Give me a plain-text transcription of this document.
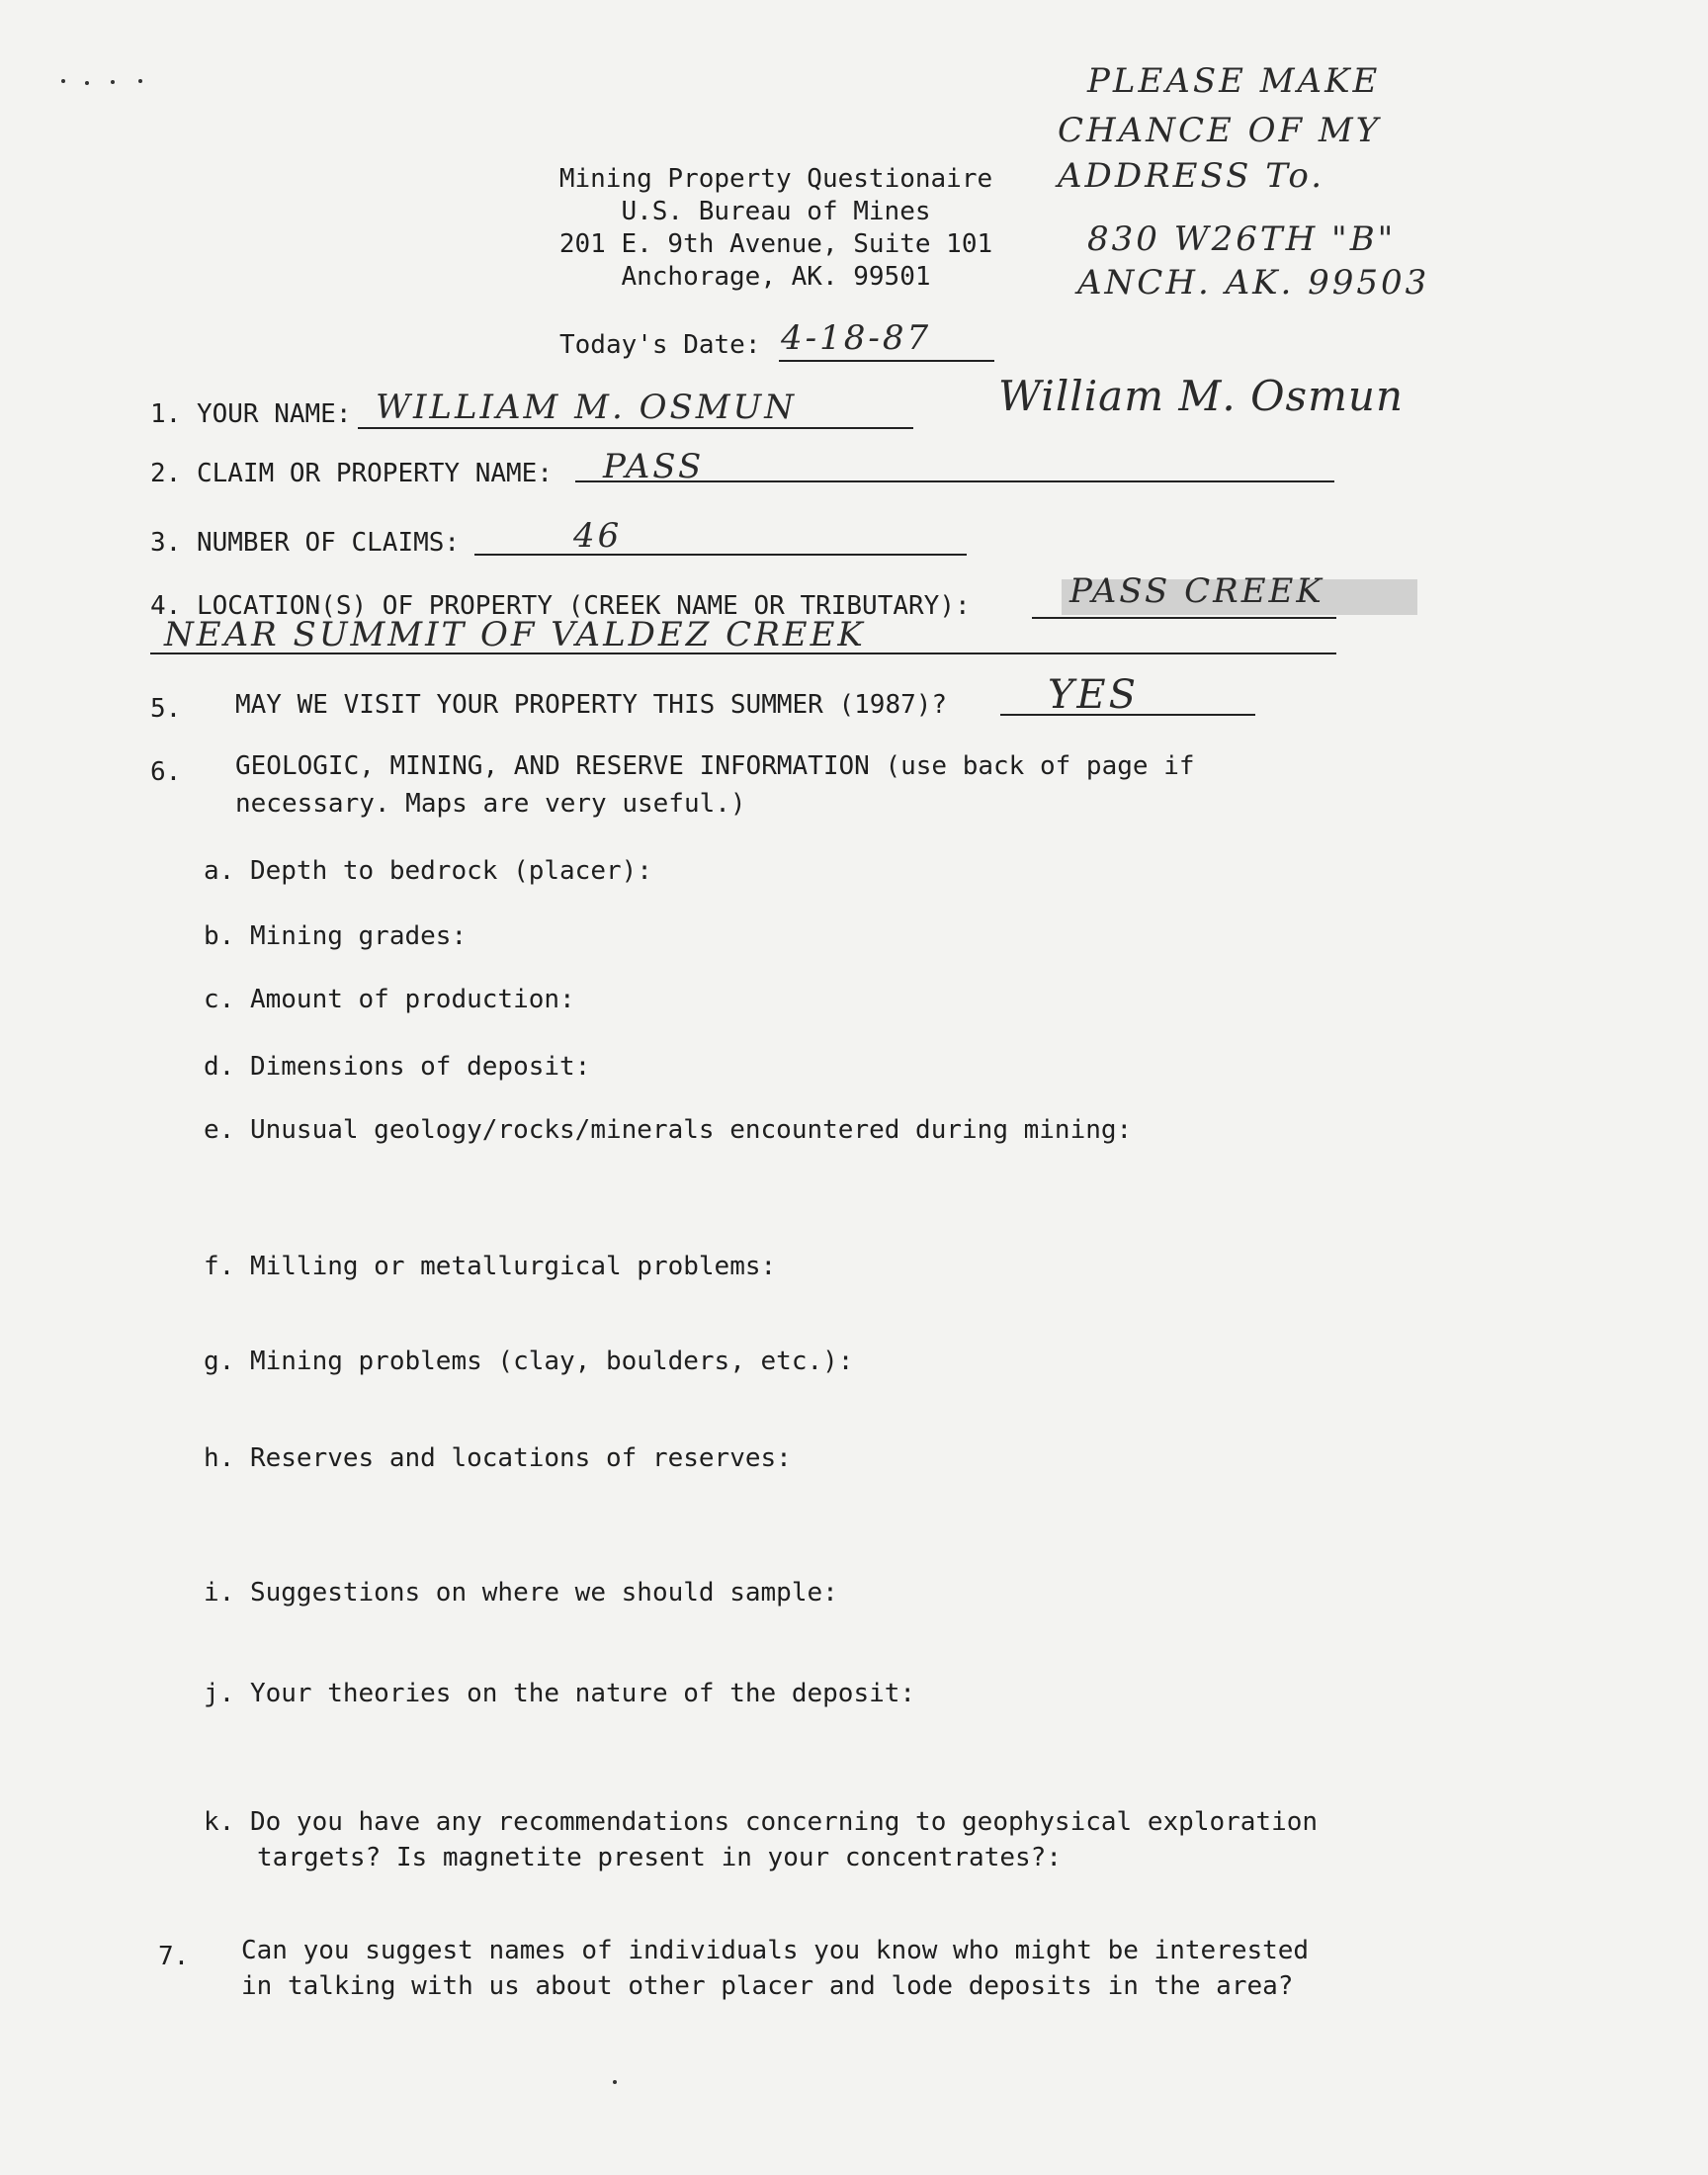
Mining Property Questionaire
U.S. Bureau of Mines
201 E. 9th Avenue, Suite 101
Anchorage, AK. 99501
PLEASE MAKE
CHANCE OF MY
ADDRESS To.
830 W26TH "B"
ANCH. AK. 99503
Today's Date: 4-18-87
1. YOUR NAME: WILLIAM M. OSMUN	William M. Osmun
2. CLAIM OR PROPERTY NAME: PASS
3. NUMBER OF CLAIMS:	46
4. LOCATION(S) OF PROPERTY (CREEK NAME OR TRIBUTARY):	PASS CREEK
NEAR SUMMIT OF VALDEZ CREEK
5. MAY WE VISIT YOUR PROPERTY THIS SUMMER (1987)?	YES
6. GEOLOGIC, MINING, AND RESERVE INFORMATION (use back of page if
necessary. Maps are very useful.)
a. Depth to bedrock (placer):
b. Mining grades:
c. Amount of production:
d. Dimensions of deposit:
e. Unusual geology/rocks/minerals encountered during mining:
f. Milling or metallurgical problems:
g. Mining problems (clay, boulders, etc.):
h. Reserves and locations of reserves:
i. Suggestions on where we should sample:
j. Your theories on the nature of the deposit:
k. Do you have any recommendations concerning to geophysical exploration
targets? Is magnetite present in your concentrates?:
7. Can you suggest names of individuals you know who might be interested
in talking with us about other placer and lode deposits in the area?
